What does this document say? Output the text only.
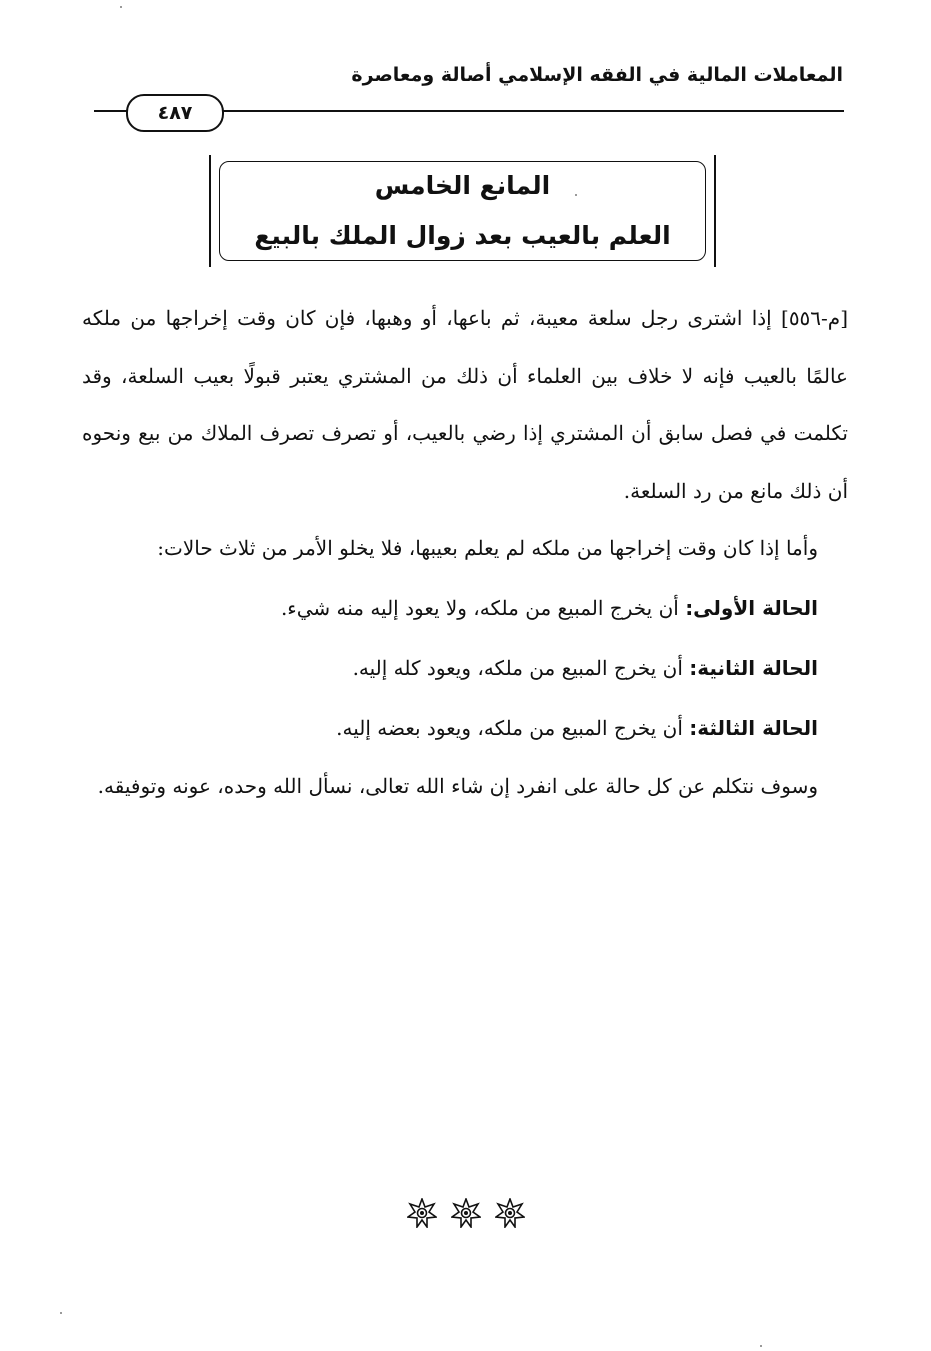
المعاملات المالية في الفقه الإسلامي أصالة ومعاصرة
٤٨٧
المانع الخامس
العلم بالعيب بعد زوال الملك بالبيع

[م-٥٥٦] إذا اشترى رجل سلعة معيبة، ثم باعها، أو وهبها، فإن كان وقت إخراجها من ملكه عالمًا بالعيب فإنه لا خلاف بين العلماء أن ذلك من المشتري يعتبر قبولًا بعيب السلعة، وقد تكلمت في فصل سابق أن المشتري إذا رضي بالعيب، أو تصرف تصرف الملاك من بيع ونحوه أن ذلك مانع من رد السلعة.

وأما إذا كان وقت إخراجها من ملكه لم يعلم بعيبها، فلا يخلو الأمر من ثلاث حالات:

الحالة الأولى: أن يخرج المبيع من ملكه، ولا يعود إليه منه شيء.

الحالة الثانية: أن يخرج المبيع من ملكه، ويعود كله إليه.

الحالة الثالثة: أن يخرج المبيع من ملكه، ويعود بعضه إليه.

وسوف نتكلم عن كل حالة على انفرد إن شاء الله تعالى، نسأل الله وحده، عونه وتوفيقه.
